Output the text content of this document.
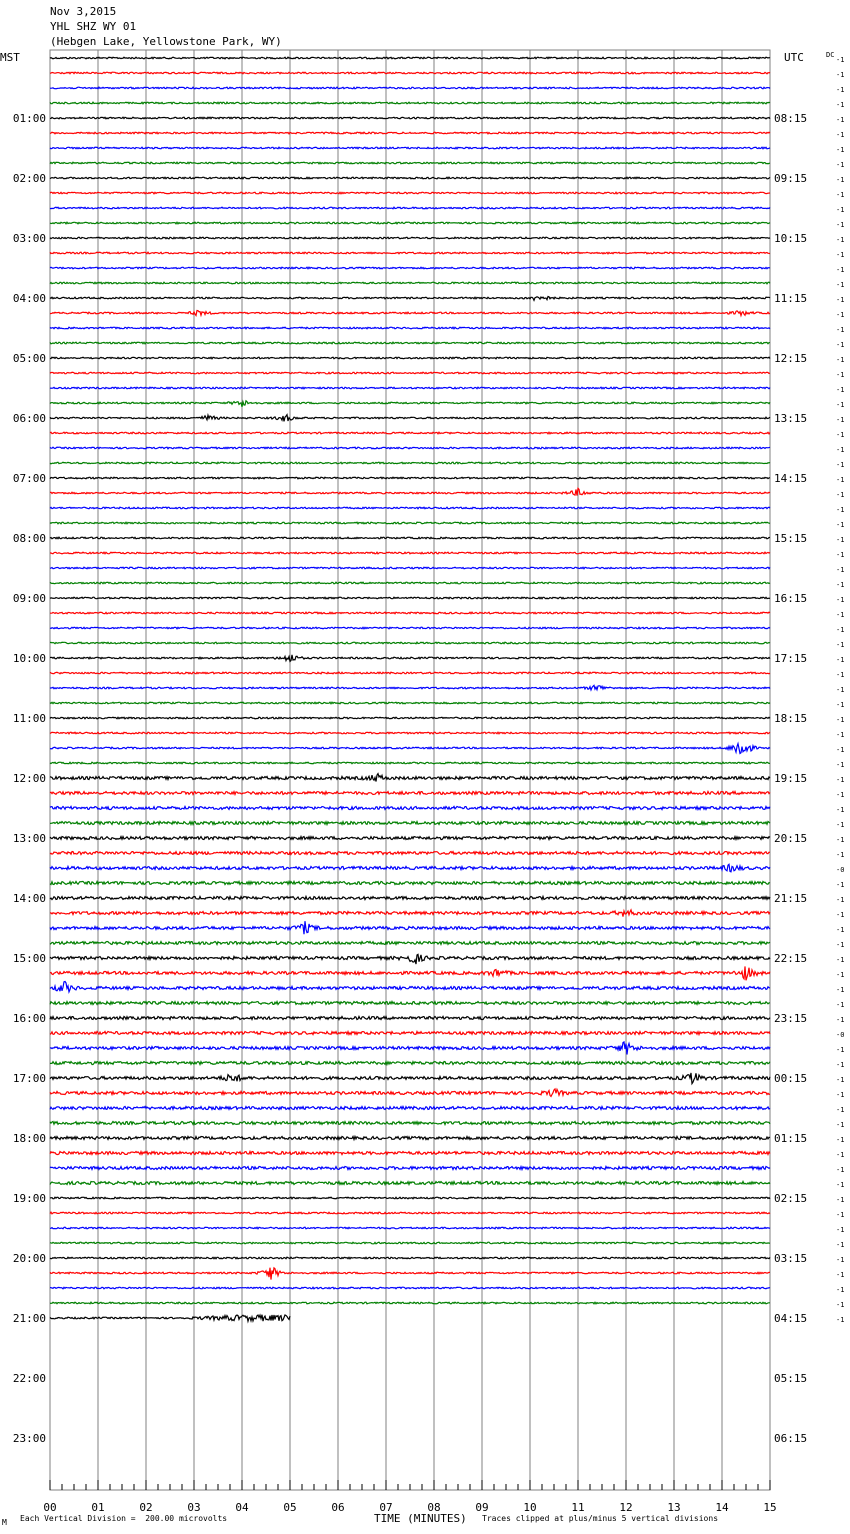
Nov 3,2015
YHL SHZ WY 01
(Hebgen Lake, Yellowstone Park, WY)
00	01	02	03	04	05	06	07	08	09	10	11	12	13	14	15
MST	UTC	DC
01:00
02:00
03:00
04:00
05:00
06:00
07:00
08:00
09:00
10:00
11:00
12:00
13:00
14:00
15:00
16:00
17:00
18:00
19:00
20:00
21:00
22:00
23:00
08:15
09:15
10:15
11:15
12:15
13:15
14:15
15:15
16:15
17:15
18:15
19:15
20:15
21:15
22:15
23:15
00:15
01:15
02:15
03:15
04:15
05:15
06:15
-1
-1
-1
-1
-1
-1
-1
-1
-1
-1
-1
-1
-1
-1
-1
-1
-1
-1
-1
-1
-1
-1
-1
-1
-1
-1
-1
-1
-1
-1
-1
-1
-1
-1
-1
-1
-1
-1
-1
-1
-1
-1
-1
-1
-1
-1
-1
-1
-1
-1
-1
-1
-1
-1
-0
-1
-1
-1
-1
-1
-1
-1
-1
-1
-1
-0
-1
-1
-1
-1
-1
-1
-1
-1
-1
-1
-1
-1
-1
-1
-1
-1
-1
-1
-1
TIME (MINUTES)
M Each Vertical Division =  200.00 microvolts	Traces clipped at plus/minus 5 vertical divisions
